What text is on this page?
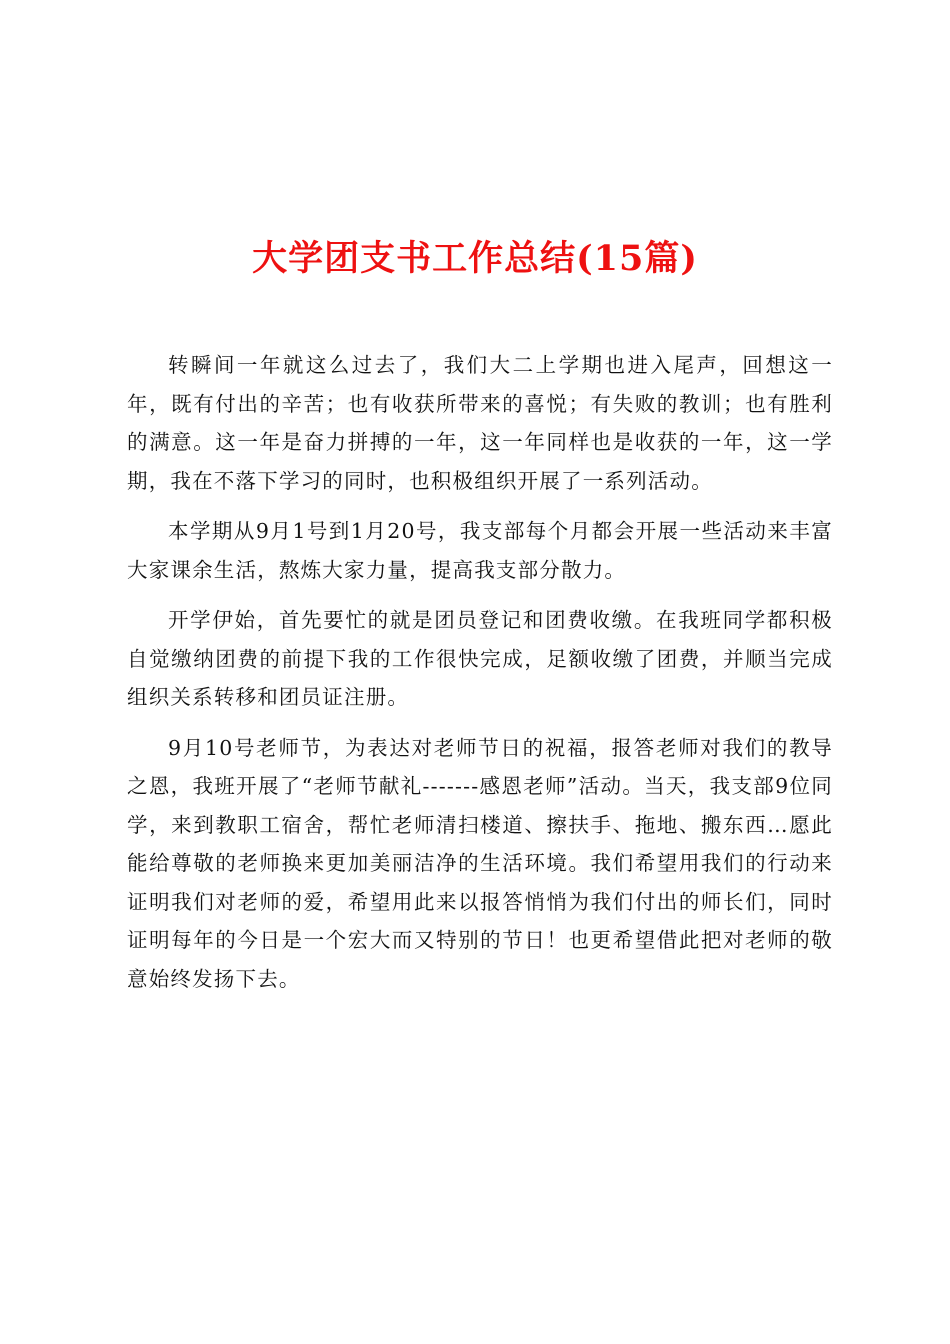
大学团支书工作总结(15篇)

转瞬间一年就这么过去了，我们大二上学期也进入尾声，回想这一年，既有付出的辛苦；也有收获所带来的喜悦；有失败的教训；也有胜利的满意。这一年是奋力拼搏的一年，这一年同样也是收获的一年，这一学期，我在不落下学习的同时，也积极组织开展了一系列活动。

本学期从9月1号到1月20号，我支部每个月都会开展一些活动来丰富大家课余生活，熬炼大家力量，提高我支部分散力。

开学伊始，首先要忙的就是团员登记和团费收缴。在我班同学都积极自觉缴纳团费的前提下我的工作很快完成，足额收缴了团费，并顺当完成组织关系转移和团员证注册。

9月10号老师节，为表达对老师节日的祝福，报答老师对我们的教导之恩，我班开展了“老师节献礼-------感恩老师”活动。当天，我支部9位同学，来到教职工宿舍，帮忙老师清扫楼道、擦扶手、拖地、搬东西…愿此能给尊敬的老师换来更加美丽洁净的生活环境。我们希望用我们的行动来证明我们对老师的爱，希望用此来以报答悄悄为我们付出的师长们，同时证明每年的今日是一个宏大而又特别的节日！也更希望借此把对老师的敬意始终发扬下去。
